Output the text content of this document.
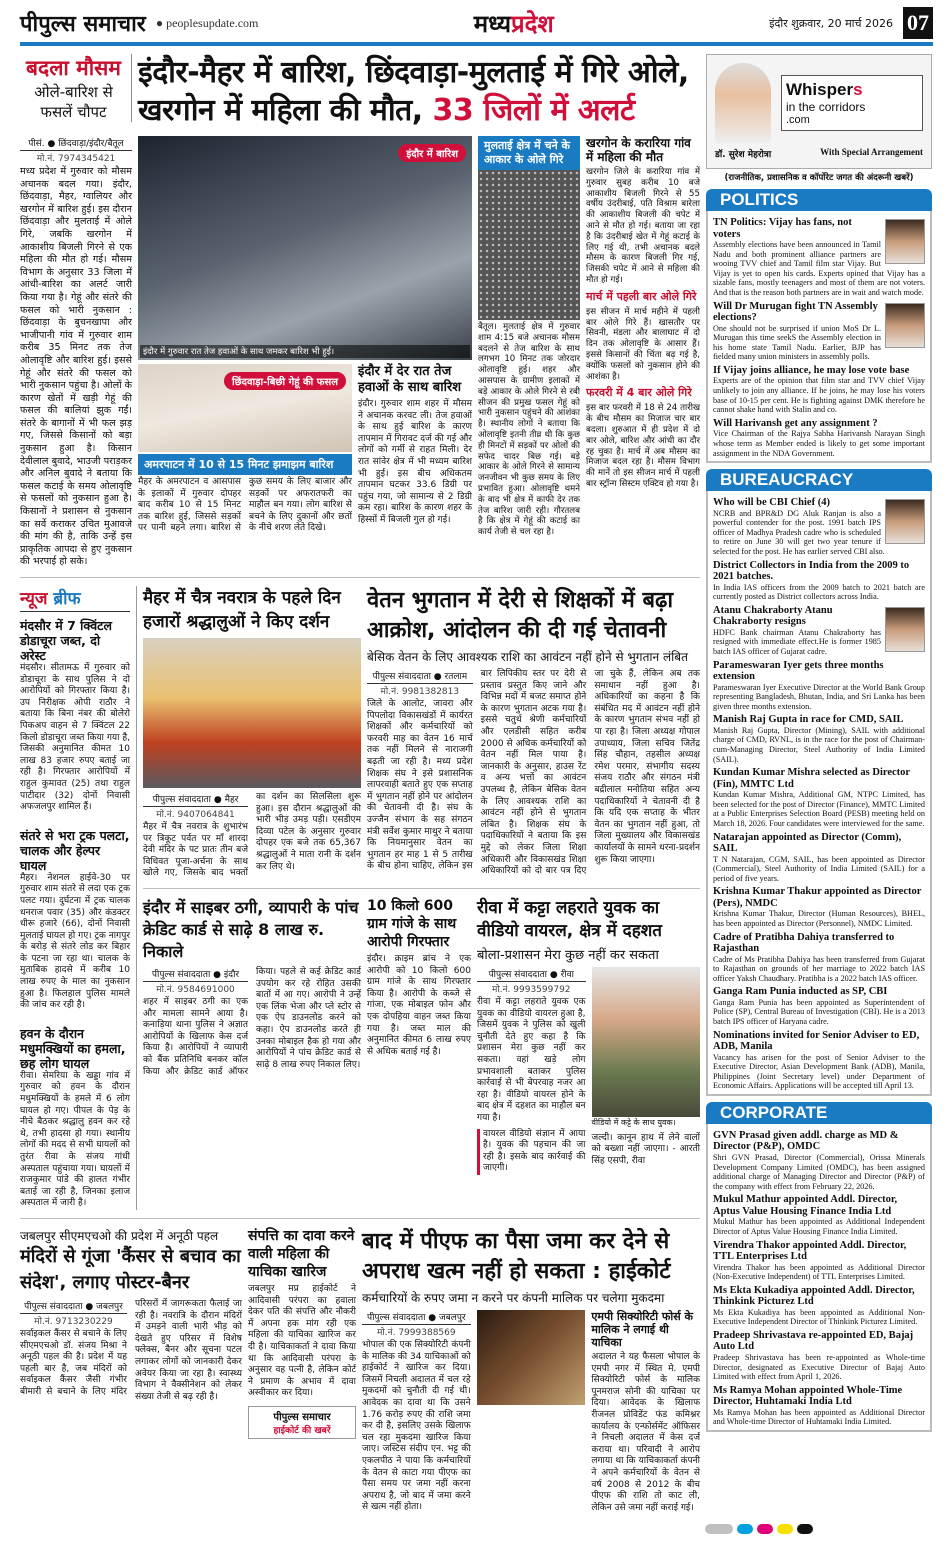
पीपुल्स समाचार ● peoplesupdate.com	मध्यप्रदेश	इंदौर शुक्रवार, 20 मार्च 2026 07
बदला मौसम
ओले-बारिश से फसलें चौपट
इंदौर-मैहर में बारिश, छिंदवाड़ा-मुलताई में गिरे ओले, खरगोन में महिला की मौत, 33 जिलों में अलर्ट
पीसं. ● छिंदवाड़ा/इंदौर/बैतूल
मो.नं. 7974345421
मध्य प्रदेश में गुरुवार को मौसम अचानक बदल गया। इंदौर, छिंदवाड़ा, मैहर, ग्वालियर और खरगोन में बारिश हुई। इस दौरान छिंदवाड़ा और मुलताई में ओले गिरे, जबकि खरगोन में आकाशीय बिजली गिरने से एक महिला की मौत हो गई। मौसम विभाग के अनुसार 33 जिला में आंधी-बारिश का अलर्ट जारी किया गया है। गेहूं और संतरे की फसल को भारी नुकसान : छिंदवाड़ा के बुचनखापा और भाजीपानी गांव में गुरुवार शाम करीब 35 मिनट तक तेज ओलावृष्टि और बारिश हुई। इससे गेहूं और संतरे की फसल को भारी नुकसान पहुंचा है। ओलों के कारण खेतों में खड़ी गेहूं की फसल की बालियां झुक गईं। संतरे के बागानों में भी फल झड़ गए, जिससे किसानों को बड़ा नुकसान हुआ है। किसान देवीलाल बुवादे, भाउजी पराड़कर और अनिल बुवादे ने बताया कि फसल कटाई के समय ओलावृष्टि से फसलों को नुकसान हुआ है। किसानों ने प्रशासन से नुकसान का सर्वे कराकर उचित मुआवजे की मांग की है, ताकि उन्हें इस प्राकृतिक आपदा से हुए नुकसान की भरपाई हो सके।
इंदौर में बारिश
इंदौर में गुरुवार रात तेज हवाओं के साथ जमकर बारिश भी हुई।
छिंदवाड़ा-बिछी गेहूं की फसल
अमरपाटन में 10 से 15 मिनट झमाझम बारिश
मैहर के अमरपाटन व आसपास के इलाकों में गुरुवार दोपहर बाद करीब 10 से 15 मिनट तक बारिश हुई, जिससे सड़कों पर पानी बहने लगा। बारिश से कुछ समय के लिए बाजार और सड़कों पर अफरातफरी का माहौल बन गया। लोग बारिश से बचने के लिए दुकानों और छतों के नीचे शरण लेते दिखे।
इंदौर में देर रात तेज हवाओं के साथ बारिश
इंदौर। गुरुवार शाम शहर में मौसम ने अचानक करवट ली। तेज हवाओं के साथ हुई बारिश के कारण तापमान में गिरावट दर्ज की गई और लोगों को गर्मी से राहत मिली। देर रात सांवेर क्षेत्र में भी मध्यम बारिश भी हुई। इस बीच अधिकतम तापमान घटकर 33.6 डिग्री पर पहुंच गया, जो सामान्य से 2 डिग्री कम रहा। बारिश के कारण शहर के हिस्सों में बिजली गुल हो गई।
मुलताई क्षेत्र में चने के आकार के ओले गिरे
बैतूल। मुलताई क्षेत्र में गुरुवार शाम 4:15 बजे अचानक मौसम बदलने से तेज बारिश के साथ लगभग 10 मिनट तक जोरदार ओलावृष्टि हुई। शहर और आसपास के ग्रामीण इलाकों में बड़े आकार के ओले गिरने से रबी सीजन की प्रमुख फसल गेहूं को भारी नुकसान पहुंचने की आशंका है। स्थानीय लोगों ने बताया कि ओलावृष्टि इतनी तीव्र थी कि कुछ ही मिनटों में सड़कों पर ओलों की सफेद चादर बिछ गई। बड़े आकार के ओले गिरने से सामान्य जनजीवन भी कुछ समय के लिए प्रभावित हुआ। ओलावृष्टि थमने के बाद भी क्षेत्र में काफी देर तक तेज बारिश जारी रही। गौरतलब है कि क्षेत्र में गेहूं की कटाई का कार्य तेजी से चल रहा है।
खरगोन के करारिया गांव में महिला की मौत
खरगोन जिले के करारिया गांव में गुरुवार सुबह करीब 10 बजे आकाशीय बिजली गिरने से 55 वर्षीय उंदरीबाई, पति विश्राम बारेला की आकाशीय बिजली की चपेट में आने से मौत हो गई। बताया जा रहा है कि उंदरीबाई खेत में गेहूं कटाई के लिए गई थी, तभी अचानक बदले मौसम के कारण बिजली गिर गई, जिसकी चपेट में आने से महिला की मौत हो गई।
मार्च में पहली बार ओले गिरे
इस सीजन में मार्च महीने में पहली बार ओले गिरे हैं। खासतौर पर सिवनी, मंडला और बालाघाट में दो दिन तक ओलावृष्टि के आसार हैं। इससे किसानों की चिंता बढ़ गई है, क्योंकि फसलों को नुकसान होने की आशंका है।
फरवरी में 4 बार ओले गिरे
इस बार फरवरी में 18 से 24 तारीख के बीच मौसम का मिजाज चार बार बदला। शुरुआत में ही प्रदेश में दो बार ओले, बारिश और आंधी का दौर रह चुका है। मार्च में अब मौसम का मिजाज बदल रहा है। मौसम विभाग की मानें तो इस सीजन मार्च में पहली बार स्ट्रॉन्ग सिस्टम एक्टिव हो गया है।
न्यूज ब्रीफ
मंदसौर में 7 क्विंटल डोडाचूरा जब्त, दो अरेस्ट
मंदसौर। सीतामऊ में गुरुवार को डोडाचूरा के साथ पुलिस ने दो आरोपियों को गिरफ्तार किया है। उप निरीक्षक ओपी राठौर ने बताया कि बिना नंबर की बोलेरो पिकअप वाहन से 7 क्विंटल 22 किलो डोडाचूरा जब्त किया गया है, जिसकी अनुमानित कीमत 10 लाख 83 हजार रुपए बताई जा रही है। गिरफ्तार आरोपियों में राहुल कुमावत (25) तथा राहुल पाटीदार (32) दोनों निवासी अफजलपुर शामिल हैं।
संतरे से भरा ट्रक पलटा, चालक और हेल्पर घायल
मैहर। नेशनल हाईवे-30 पर गुरुवार शाम संतरे से लदा एक ट्रक पलट गया। दुर्घटना में ट्रक चालक धनराज पवार (35) और कंडक्टर धीरू हजारे (66), दोनों निवासी मुलताई घायल हो गए। ट्रक नागपुर के बरोड़ से संतरे लोड कर बिहार के पटना जा रहा था। चालक के मुताबिक हादसे में करीब 10 लाख रुपए के माल का नुकसान हुआ है। फिलहाल पुलिस मामले की जांच कर रही है।
हवन के दौरान मधुमक्खियों का हमला, छह लोग घायल
रीवा। सेमरिया के खड्डा गांव में गुरुवार को हवन के दौरान मधुमक्खियों के हमले में 6 लोग घायल हो गए। पीपल के पेड़ के नीचे बैठकर श्रद्धालु हवन कर रहे थे, तभी हादसा हो गया। स्थानीय लोगों की मदद से सभी घायलों को तुरंत रीवा के संजय गांधी अस्पताल पहुंचाया गया। घायलों में राजकुमार पांडे की हालत गंभीर बताई जा रही है, जिनका इलाज अस्पताल में जारी है।
मैहर में चैत्र नवरात्र के पहले दिन हजारों श्रद्धालुओं ने किए दर्शन
पीपुल्स संवाददाता ● मैहर
मो.नं. 9407064841
मैहर में चैत्र नवरात्र के शुभारंभ पर त्रिकूट पर्वत पर माँ शारदा देवी मंदिर के पट प्रातः तीन बजे विधिवत पूजा-अर्चना के साथ खोले गए, जिसके बाद भक्तों का दर्शन का सिलसिला शुरू हुआ। इस दौरान श्रद्धालुओं की भारी भीड़ उमड़ पड़ी। एसडीएम दिव्या पटेल के अनुसार गुरुवार दोपहर एक बजे तक 65,367 श्रद्धालुओं ने माता रानी के दर्शन कर लिए थे।
वेतन भुगतान में देरी से शिक्षकों में बढ़ा आक्रोश, आंदोलन की दी गई चेतावनी
बेसिक वेतन के लिए आवश्यक राशि का आवंटन नहीं होने से भुगतान लंबित
पीपुल्स संवाददाता ● रतलाम
मो.नं. 9981382813
जिले के आलोट, जावरा और पिपलोदा विकासखंडों में कार्यरत शिक्षकों और कर्मचारियों को फरवरी माह का वेतन 16 मार्च तक नहीं मिलने से नाराजगी बढ़ती जा रही है। मध्य प्रदेश शिक्षक संघ ने इसे प्रशासनिक लापरवाही बताते हुए एक सप्ताह में भुगतान नहीं होने पर आंदोलन की चेतावनी दी है। संघ के उज्जैन संभाग के सह संगठन मंत्री सर्वेश कुमार माथुर ने बताया कि नियमानुसार वेतन का भुगतान हर माह 1 से 5 तारीख के बीच होना चाहिए, लेकिन इस बार लिपिकीय स्तर पर देरी से प्रस्ताव प्रस्तुत किए जाने और विभिन्न मदों में बजट समाप्त होने के कारण भुगतान अटक गया है। इससे चतुर्थ श्रेणी कर्मचारियों और एलडीसी सहित करीब 2000 से अधिक कर्मचारियों को वेतन नहीं मिल पाया है। जानकारी के अनुसार, हाउस रेंट व अन्य भत्तों का आवंटन उपलब्ध है, लेकिन बेसिक वेतन के लिए आवश्यक राशि का आवंटन नहीं होने से भुगतान लंबित है। शिक्षक संघ के पदाधिकारियों ने बताया कि इस मुद्दे को लेकर जिला शिक्षा अधिकारी और विकासखंड शिक्षा अधिकारियों को दो बार पत्र दिए जा चुके हैं, लेकिन अब तक समाधान नहीं हुआ है। अधिकारियों का कहना है कि संबंधित मद में आवंटन नहीं होने के कारण भुगतान संभव नहीं हो पा रहा है। जिला अध्यक्ष गोपाल उपाध्याय, जिला सचिव जितेंद्र सिंह चौहान, तहसील अध्यक्ष रमेश परमार, संभागीय सदस्य संजय राठौर और संगठन मंत्री बद्रीलाल मनोतिया सहित अन्य पदाधिकारियों ने चेतावनी दी है कि यदि एक सप्ताह के भीतर वेतन का भुगतान नहीं हुआ, तो जिला मुख्यालय और विकासखंड कार्यालयों के सामने धरना-प्रदर्शन शुरू किया जाएगा।
इंदौर में साइबर ठगी, व्यापारी के पांच क्रेडिट कार्ड से साढ़े 8 लाख रु. निकाले
पीपुल्स संवाददाता ● इंदौर
मो.नं. 9584691000
शहर में साइबर ठगी का एक और मामला सामने आया है। कनाड़िया थाना पुलिस ने अज्ञात आरोपियों के खिलाफ केस दर्ज किया है। आरोपियों ने व्यापारी को बैंक प्रतिनिधि बनकर कॉल किया और क्रेडिट कार्ड ऑफर किया। पहले से कई क्रेडिट कार्ड उपयोग कर रहे रोहित उसकी बातों में आ गए। आरोपी ने उन्हें एक लिंक भेजा और प्ले स्टोर से एक ऐप डाउनलोड करने को कहा। ऐप डाउनलोड करते ही उनका मोबाइल हैक हो गया और आरोपियों ने पांच क्रेडिट कार्ड से साढ़े 8 लाख रुपए निकाल लिए।
10 किलो 600 ग्राम गांजे के साथ आरोपी गिरफ्तार
इंदौर। क्राइम ब्रांच ने एक आरोपी को 10 किलो 600 ग्राम गांजे के साथ गिरफ्तार किया है। आरोपी के कब्जे से गांजा, एक मोबाइल फोन और एक दोपहिया वाहन जब्त किया गया है। जब्त माल की अनुमानित कीमत 6 लाख रुपए से अधिक बताई गई है।
रीवा में कट्टा लहराते युवक का वीडियो वायरल, क्षेत्र में दहशत
बोला-प्रशासन मेरा कुछ नहीं कर सकता
पीपुल्स संवाददाता ● रीवा
मो.नं. 9993599792
रीवा में कट्टा लहराते युवक एक युवक का वीडियो वायरल हुआ है, जिसमें युवक ने पुलिस को खुली चुनौती देते हुए कहा है कि प्रशासन मेरा कुछ नहीं कर सकता। वहां खड़े लोग प्रभावशाली बताकर पुलिस कार्रवाई से भी बेपरवाह नजर आ रहा है। वीडियो वायरल होने के बाद क्षेत्र में दहशत का माहौल बन गया है।
वायरल वीडियो संज्ञान में आया है। युवक की पहचान की जा रही है। इसके बाद कार्रवाई की जाएगी।
वीडियो में कट्टे के साथ युवक।
जल्दी। कानून हाथ में लेने वालों को बख्शा नहीं जाएगा। - आरती सिंह एसपी, रीवा
जबलपुर सीएमएचओ की प्रदेश में अनूठी पहल
मंदिरों से गूंजा 'कैंसर से बचाव का संदेश', लगाए पोस्टर-बैनर
पीपुल्स संवाददाता ● जबलपुर
मो.नं. 9713230229
सर्वाइकल कैंसर से बचाने के लिए सीएमएचओ डॉ. संजय मिश्रा ने अनूठी पहल की है। प्रदेश में यह पहली बार है, जब मंदिरों को सर्वाइकल कैंसर जैसी गंभीर बीमारी से बचाने के लिए मंदिर परिसरों में जागरूकता फैलाई जा रही है। नवरात्रि के दौरान मंदिरों में उमड़ने वाली भारी भीड़ को देखते हुए परिसर में विशेष फ्लेक्स, बैनर और सूचना पटल लगाकर लोगों को जानकारी देकर अवेयर किया जा रहा है। स्वास्थ्य विभाग ने वैक्सीनेशन को लेकर संख्या तेजी से बढ़ रही है।
संपत्ति का दावा करने वाली महिला की याचिका खारिज
जबलपुर मप्र हाईकोर्ट ने आदिवासी परंपरा का हवाला देकर पति की संपत्ति और नौकरी में अपना हक मांग रही एक महिला की याचिका खारिज कर दी है। याचिकाकर्ता ने दावा किया था कि आदिवासी परंपरा के अनुसार वह पत्नी है, लेकिन कोर्ट ने प्रमाण के अभाव में दावा अस्वीकार कर दिया।
पीपुल्स समाचार
हाईकोर्ट की खबरें
बाद में पीएफ का पैसा जमा कर देने से अपराध खत्म नहीं हो सकता : हाईकोर्ट
कर्मचारियों के रुपए जमा न करने पर कंपनी मालिक पर चलेगा मुकदमा
पीपुल्स संवाददाता ● जबलपुर
मो.नं. 7999388569
भोपाल की एक सिक्योरिटी कंपनी के मालिक की 34 याचिकाओं को हाईकोर्ट ने खारिज कर दिया। जिसमें निचली अदालत में चल रहे मुकदमों को चुनौती दी गई थी। आवेदक का दावा था कि उसने 1.76 करोड़ रुपए की राशि जमा कर दी है, इसलिए उसके खिलाफ चल रहा मुकदमा खारिज किया जाए। जस्टिस संदीप एन. भट्ट की एकलपीठ ने पाया कि कर्मचारियों के वेतन से काटा गया पीएफ का पैसा समय पर जमा नहीं करना अपराध है, जो बाद में जमा करने से खत्म नहीं होता।
एमपी सिक्योरिटी फोर्स के मालिक ने लगाई थी याचिका
अदालत ने यह फैसला भोपाल के एमपी नगर में स्थित मे. एमपी सिक्योरिटी फोर्स के मालिक पूनमराज सोनी की याचिका पर दिया। आवेदक के खिलाफ रीजनल प्रोविडेंट फंड कमिश्नर कार्यालय के एन्फोर्समेंट ऑफिसर ने निचली अदालत में केस दर्ज कराया था। परिवादी ने आरोप लगाया था कि याचिकाकर्ता कंपनी ने अपने कर्मचारियों के वेतन से वर्ष 2008 से 2012 के बीच पीएफ की राशि तो काट ली, लेकिन उसे जमा नहीं कराई गई।
Whispers
in the corridors
.com
डॉ. सुरेश मेहरोत्रा	With Special Arrangement
(राजनीतिक, प्रशासनिक व कॉर्पोरेट जगत की अंदरूनी खबरें)
POLITICS
TN Politics: Vijay has fans, not voters
Assembly elections have been announced in Tamil Nadu and both prominent alliance partners are wooing TVV chief and Tamil film star Vijay. But Vijay is yet to open his cards. Experts opined that Vijay has a sizable fans, mostly teenagers and most of them are not voters. And that is the reason both partners are in wait and watch mode.
Will Dr Murugan fight TN Assembly elections?
One should not be surprised if union MoS Dr L. Murugan this time seekS the Assembly election in his home state Tamil Nadu. Earlier, BJP has fielded many union ministers in assembly polls.
If Vijay joins alliance, he may lose vote base
Experts are of the opinion that film star and TVV chief Vijay unlikely to join any alliance. If he joins, he may lose his voters base of 10-15 per cent. He is fighting against DMK therefore he cannot shake hand with Stalin and co.
Will Harivansh get any assignment ?
Vice Chairman of the Rajya Sabha Harivansh Narayan Singh whose term as Member ended is likely to get some important assignment in the NDA Government.
BUREAUCRACY
Who will be CBI Chief (4)
NCRB and BPR&D DG Aluk Ranjan is also a powerful contender for the post. 1991 batch IPS officer of Madhya Pradesh cadre who is scheduled to retire on June 30 will get two year tenure if selected for the post. He has earlier served CBI also.
District Collectors in India from the 2009 to 2021 batches.
In India IAS officers from the 2009 batch to 2021 batch are currently posted as District collectors across India.
Atanu Chakraborty Atanu Chakraborty resigns
HDFC Bank chairman Atanu Chakraborty has resigned with immediate effect.He is former 1985 batch IAS officer of Gujarat cadre.
Parameswaran Iyer gets three months extension
Parameswaran Iyer Executive Director at the World Bank Group representing Bangladesh, Bhutan, India, and Sri Lanka has been given three months extension.
Manish Raj Gupta in race for CMD, SAIL
Manish Raj Gupta, Director (Mining), SAIL with additional charge of CMD, RVNL, is in the race for the post of Chairman-cum-Managing Director, Steel Authority of India Limited (SAIL).
Kundan Kumar Mishra selected as Director (Fin), MMTC Ltd
Kundan Kumar Mishra, Additional GM, NTPC Limited, has been selected for the post of Director (Finance), MMTC Limited at a Public Enterprises Selection Board (PESB) meeting held on March 18, 2026. Four candidates were interviewed for the same.
Natarajan appointed as Director (Comm), SAIL
T N Natarajan, CGM, SAIL, has been appointed as Director (Commercial), Steel Authority of India Limited (SAIL) for a period of five years.
Krishna Kumar Thakur appointed as Director (Pers), NMDC
Krishna Kumar Thakur, Director (Human Resources), BHEL, has been appointed as Director (Personnel), NMDC Limited.
Cadre of Pratibha Dahiya transferred to Rajasthan
Cadre of Ms Pratibha Dahiya has been transferred from Gujarat to Rajasthan on grounds of her marriage to 2022 batch IAS officer Yaksh Chaudhary. Pratibha is a 2022 batch IAS officer.
Ganga Ram Punia inducted as SP, CBI
Ganga Ram Punia has been appointed as Superintendent of Police (SP), Central Bureau of Investigation (CBI). He is a 2013 batch IPS officer of Haryana cadre.
Nominations invited for Senior Adviser to ED, ADB, Manila
Vacancy has arisen for the post of Senior Adviser to the Executive Director, Asian Development Bank (ADB), Manila, Philippines (Joint Secretary level) under Department of Economic Affairs. Applications will be accepted till April 13.
CORPORATE
GVN Prasad given addl. charge as MD & Director (P&P), OMDC
Shri GVN Prasad, Director (Commercial), Orissa Minerals Development Company Limited (OMDC), has been assigned additional charge of Managing Director and Director (P&P) of the company with effect from February 22, 2026.
Mukul Mathur appointed Addl. Director, Aptus Value Housing Finance India Ltd
Mukul Mathur has been appointed as Additional Independent Director of Aptus Value Housing Finance India Limited.
Virendra Thakor appointed Addl. Director, TTL Enterprises Ltd
Virendra Thakor has been appointed as Additional Director (Non-Executive Independent) of TTL Enterprises Limited.
Ms Ekta Kukadiya appointed Addl. Director, Thinkink Picturez Ltd
Ms Ekta Kukadiya has been appointed as Additional Non-Executive Independent Director of Thinkink Picturez Limited.
Pradeep Shrivastava re-appointed ED, Bajaj Auto Ltd
Pradeep Shrivastava has been re-appointed as Whole-time Director, designated as Executive Director of Bajaj Auto Limited with effect from April 1, 2026.
Ms Ramya Mohan appointed Whole-Time Director, Huhtamaki India Ltd
Ms Ramya Mohan has been appointed as Additional Director and Whole-time Director of Huhtamaki India Limited.
